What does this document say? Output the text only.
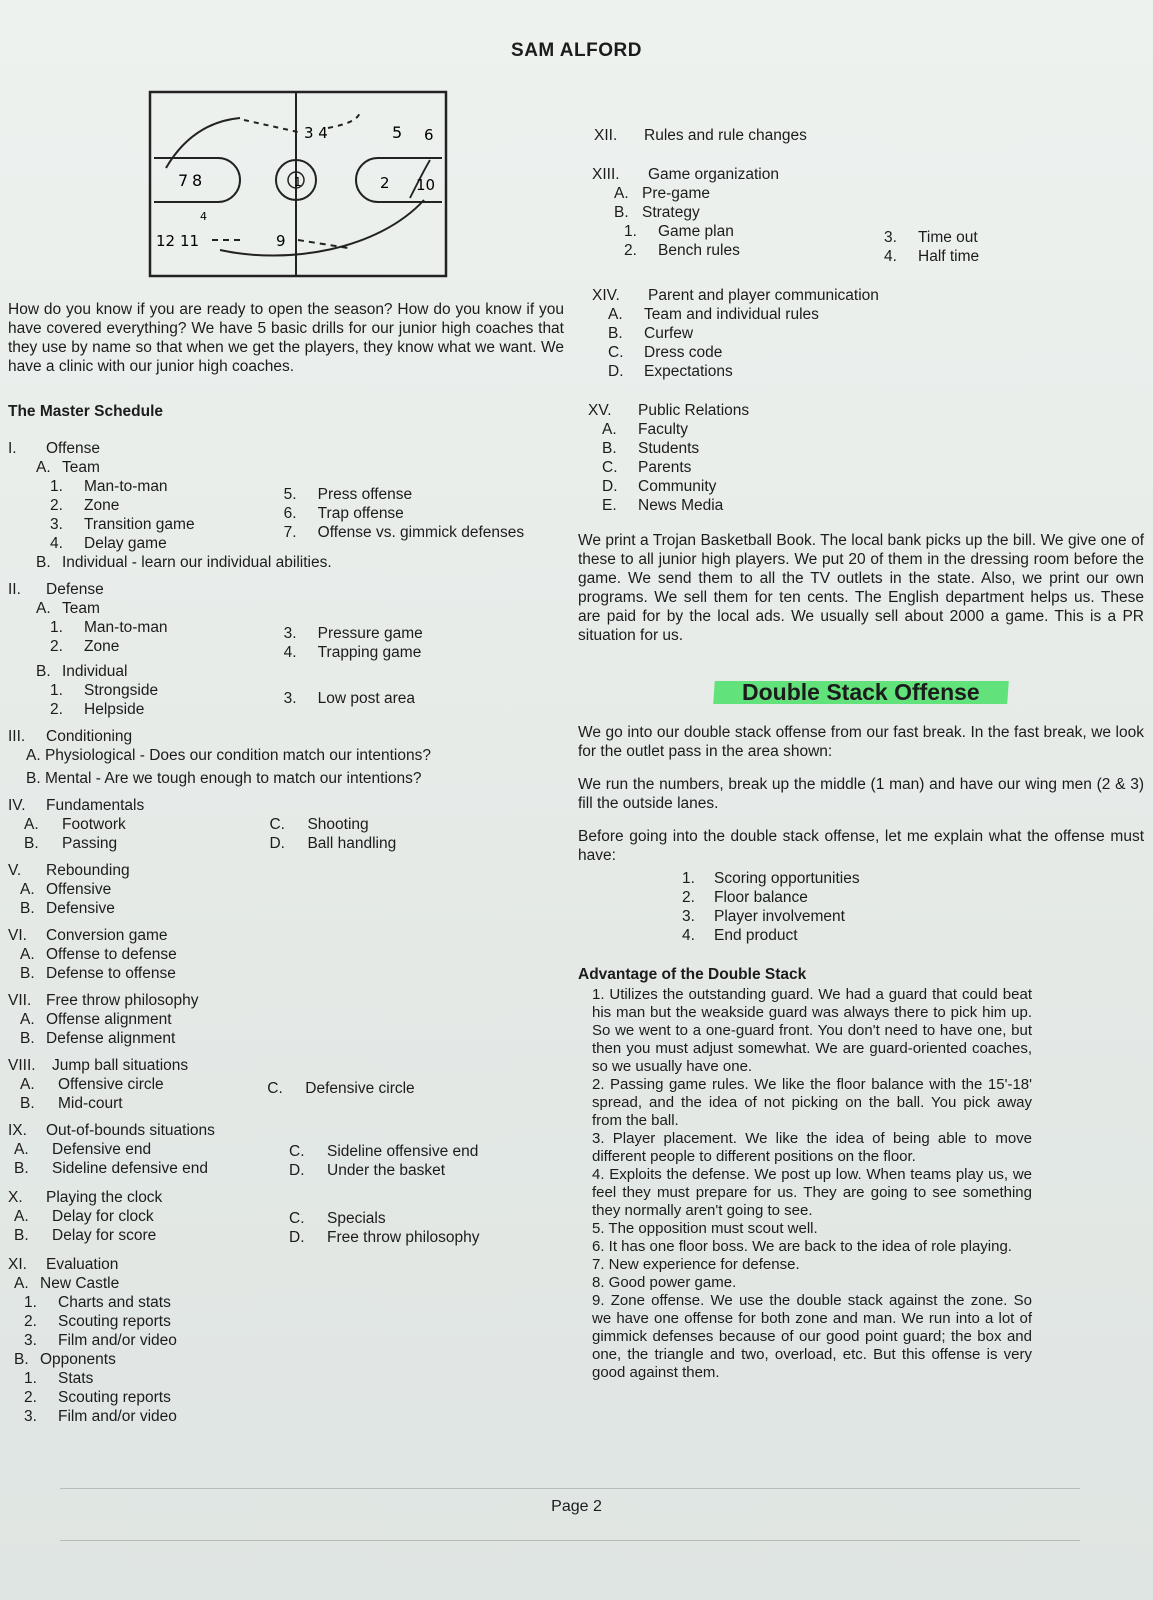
SAM ALFORD
3 4	5 6
7 8	2
1
4
10
12 11	9

How do you know if you are ready to open the season? How do you know if you have covered everything? We have 5 basic drills for our junior high coaches that they use by name so that when we get the players, they know what we want. We have a clinic with our junior high coaches.

The Master Schedule
I.	Offense
A. Team
1.	Man-to-man
2.	Zone
3.	Transition game
4.	Delay game
5.	Press offense
6.	Trap offense
7.	Offense vs. gimmick defenses
B. Individual - learn our individual abilities.
II.	Defense
A. Team
1.	Man-to-man
2.	Zone
3.	Pressure game
4.	Trapping game
B. Individual
1.	Strongside
2.	Helpside
3.	Low post area
III.	Conditioning
A. Physiological - Does our condition match our intentions?
B. Mental - Are we tough enough to match our intentions?
IV.	Fundamentals
A.	Footwork
B.	Passing
C.	Shooting
D.	Ball handling
V.	Rebounding
A. Offensive
B. Defensive
VI.	Conversion game
A. Offense to defense
B. Defense to offense
VII. Free throw philosophy
A. Offense alignment
B. Defense alignment
VIII.	Jump ball situations
A.	Offensive circle
B.	Mid-court
C.	Defensive circle
IX.	Out-of-bounds situations
A.	Defensive end
B.	Sideline defensive end
C.	Sideline offensive end
D.	Under the basket
X.	Playing the clock
A.	Delay for clock
B.	Delay for score
C.	Specials
D.	Free throw philosophy
XI.	Evaluation
A. New Castle
1.	Charts and stats
2.	Scouting reports
3.	Film and/or video
B. Opponents
1.	Stats
2.	Scouting reports
3.	Film and/or video
XII.	Rules and rule changes
XIII.	Game organization
A. Pre-game
B. Strategy
1.	Game plan
2.	Bench rules
3.	Time out
4.	Half time
XIV.	Parent and player communication
A.	Team and individual rules
B.	Curfew
C.	Dress code
D.	Expectations
XV.	Public Relations
A.	Faculty
B.	Students
C.	Parents
D.	Community
E.	News Media

We print a Trojan Basketball Book. The local bank picks up the bill. We give one of these to all junior high players. We put 20 of them in the dressing room before the game. We send them to all the TV outlets in the state. Also, we print our own programs. We sell them for ten cents. The English department helps us. These are paid for by the local ads. We usually sell about 2000 a game. This is a PR situation for us.

Double Stack Offense

We go into our double stack offense from our fast break. In the fast break, we look for the outlet pass in the area shown:

We run the numbers, break up the middle (1 man) and have our wing men (2 & 3) fill the outside lanes.

Before going into the double stack offense, let me explain what the offense must have:

1.	Scoring opportunities
2.	Floor balance
3.	Player involvement
4.	End product
Advantage of the Double Stack

1. Utilizes the outstanding guard. We had a guard that could beat his man but the weakside guard was always there to pick him up. So we went to a one-guard front. You don't need to have one, but then you must adjust somewhat. We are guard-oriented coaches, so we usually have one.

2. Passing game rules. We like the floor balance with the 15'-18' spread, and the idea of not picking on the ball. You pick away from the ball.

3. Player placement. We like the idea of being able to move different people to different positions on the floor.

4. Exploits the defense. We post up low. When teams play us, we feel they must prepare for us. They are going to see something they normally aren't going to see.

5. The opposition must scout well.

6. It has one floor boss. We are back to the idea of role playing.

7. New experience for defense.

8. Good power game.

9. Zone offense. We use the double stack against the zone. So we have one offense for both zone and man. We run into a lot of gimmick defenses because of our good point guard; the box and one, the triangle and two, overload, etc. But this offense is very good against them.

Page 2
